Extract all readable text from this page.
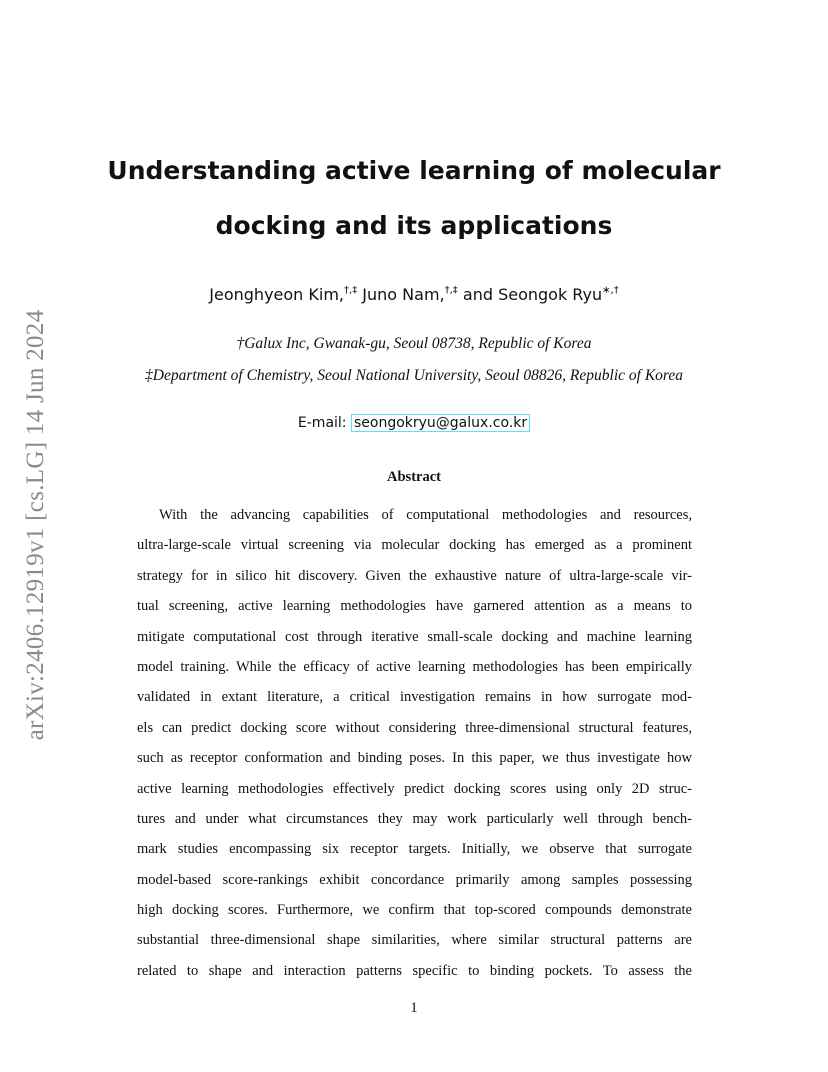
arXiv:2406.12919v1 [cs.LG] 14 Jun 2024
Understanding active learning of molecular
docking and its applications
Jeonghyeon Kim,†,‡ Juno Nam,†,‡ and Seongok Ryu∗,†
†Galux Inc, Gwanak-gu, Seoul 08738, Republic of Korea
‡Department of Chemistry, Seoul National University, Seoul 08826, Republic of Korea
E-mail: seongokryu@galux.co.kr
Abstract
With the advancing capabilities of computational methodologies and resources,
ultra-large-scale virtual screening via molecular docking has emerged as a prominent
strategy for in silico hit discovery. Given the exhaustive nature of ultra-large-scale vir-
tual screening, active learning methodologies have garnered attention as a means to
mitigate computational cost through iterative small-scale docking and machine learning
model training. While the efficacy of active learning methodologies has been empirically
validated in extant literature, a critical investigation remains in how surrogate mod-
els can predict docking score without considering three-dimensional structural features,
such as receptor conformation and binding poses. In this paper, we thus investigate how
active learning methodologies effectively predict docking scores using only 2D struc-
tures and under what circumstances they may work particularly well through bench-
mark studies encompassing six receptor targets. Initially, we observe that surrogate
model-based score-rankings exhibit concordance primarily among samples possessing
high docking scores. Furthermore, we confirm that top-scored compounds demonstrate
substantial three-dimensional shape similarities, where similar structural patterns are
related to shape and interaction patterns specific to binding pockets. To assess the
1
